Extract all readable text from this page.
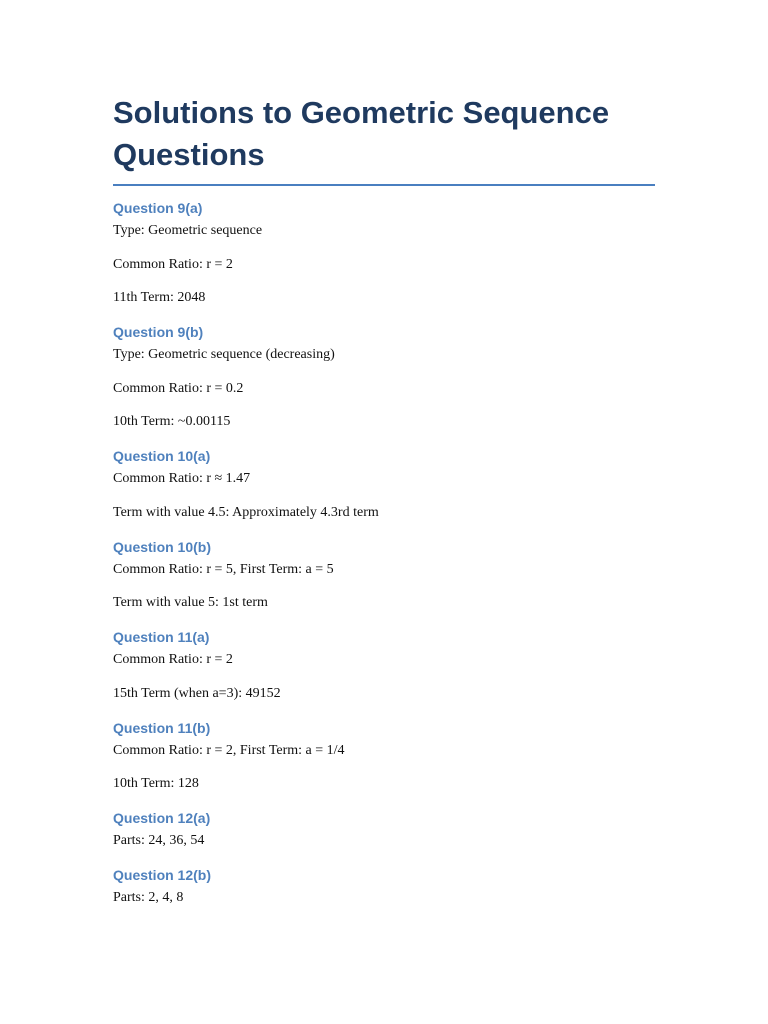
Solutions to Geometric Sequence Questions
Question 9(a)

Type: Geometric sequence

Common Ratio: r = 2

11th Term: 2048

Question 9(b)

Type: Geometric sequence (decreasing)

Common Ratio: r = 0.2

10th Term: ~0.00115

Question 10(a)

Common Ratio: r ≈ 1.47

Term with value 4.5: Approximately 4.3rd term

Question 10(b)

Common Ratio: r = 5, First Term: a = 5

Term with value 5: 1st term

Question 11(a)

Common Ratio: r = 2

15th Term (when a=3): 49152

Question 11(b)

Common Ratio: r = 2, First Term: a = 1/4

10th Term: 128

Question 12(a)

Parts: 24, 36, 54

Question 12(b)

Parts: 2, 4, 8
